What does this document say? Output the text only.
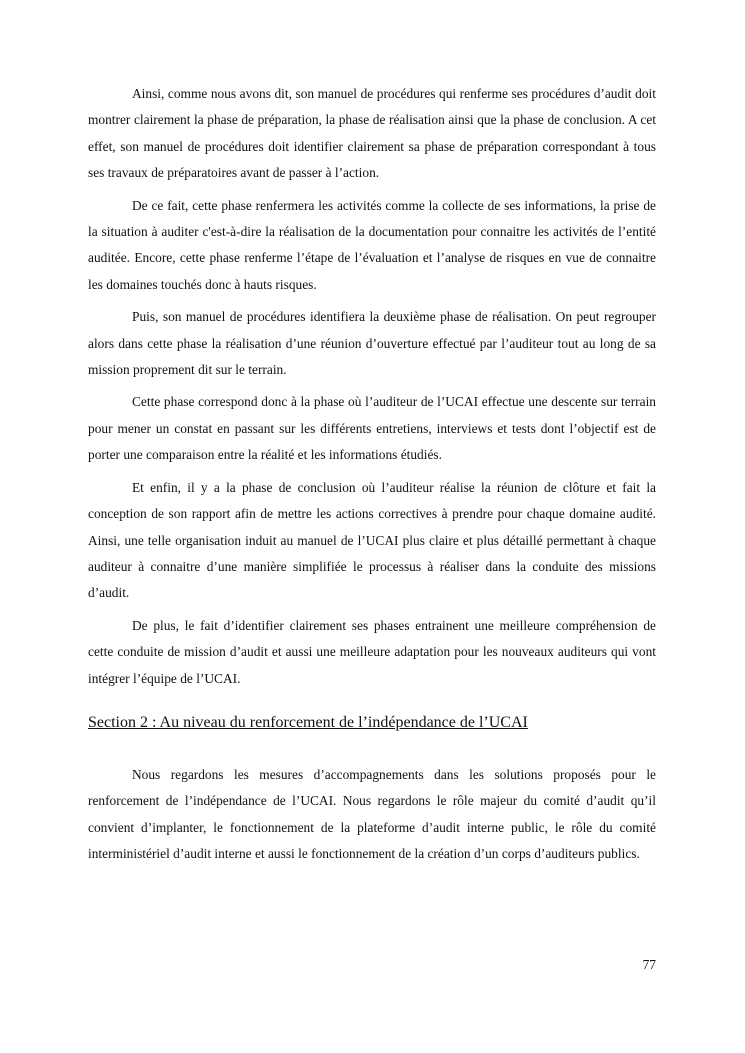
Ainsi, comme nous avons dit, son manuel de procédures qui renferme ses procédures d’audit doit montrer clairement la phase de préparation, la phase de réalisation ainsi que la phase de conclusion. A cet effet, son manuel de procédures doit identifier clairement sa phase de préparation correspondant à tous ses travaux de préparatoires avant de passer à l’action.

De ce fait, cette phase renfermera les activités comme la collecte de ses informations, la prise de la situation à auditer c'est-à-dire la réalisation de la documentation pour connaitre les activités de l’entité auditée. Encore, cette phase renferme l’étape de l’évaluation et l’analyse de risques en vue de connaitre les domaines touchés donc à hauts risques.

Puis, son manuel de procédures identifiera la deuxième phase de réalisation. On peut regrouper alors dans cette phase la réalisation d’une réunion d’ouverture effectué par l’auditeur tout au long de sa mission proprement dit sur le terrain.

Cette phase correspond donc à la phase où l’auditeur de l’UCAI effectue une descente sur terrain pour mener un constat en passant sur les différents entretiens, interviews et tests dont l’objectif est de porter une comparaison entre la réalité et les informations étudiés.

Et enfin, il y a la phase de conclusion où l’auditeur réalise la réunion de clôture et fait la conception de son rapport afin de mettre les actions correctives à prendre pour chaque domaine audité. Ainsi, une telle organisation induit au manuel de l’UCAI plus claire et plus détaillé permettant à chaque auditeur à connaitre d’une manière simplifiée le processus à réaliser dans la conduite des missions d’audit.

De plus, le fait d’identifier clairement ses phases entrainent une meilleure compréhension de cette conduite de mission d’audit et aussi une meilleure adaptation pour les nouveaux auditeurs qui vont intégrer l’équipe de l’UCAI.

Section 2 : Au niveau du renforcement de l’indépendance de l’UCAI

Nous regardons les mesures d’accompagnements dans les solutions proposés pour le renforcement de l’indépendance de l’UCAI. Nous regardons le rôle majeur du comité d’audit qu’il convient d’implanter, le fonctionnement de la plateforme d’audit interne public, le rôle du comité interministériel d’audit interne et aussi le fonctionnement de la création d’un corps d’auditeurs publics.

77
